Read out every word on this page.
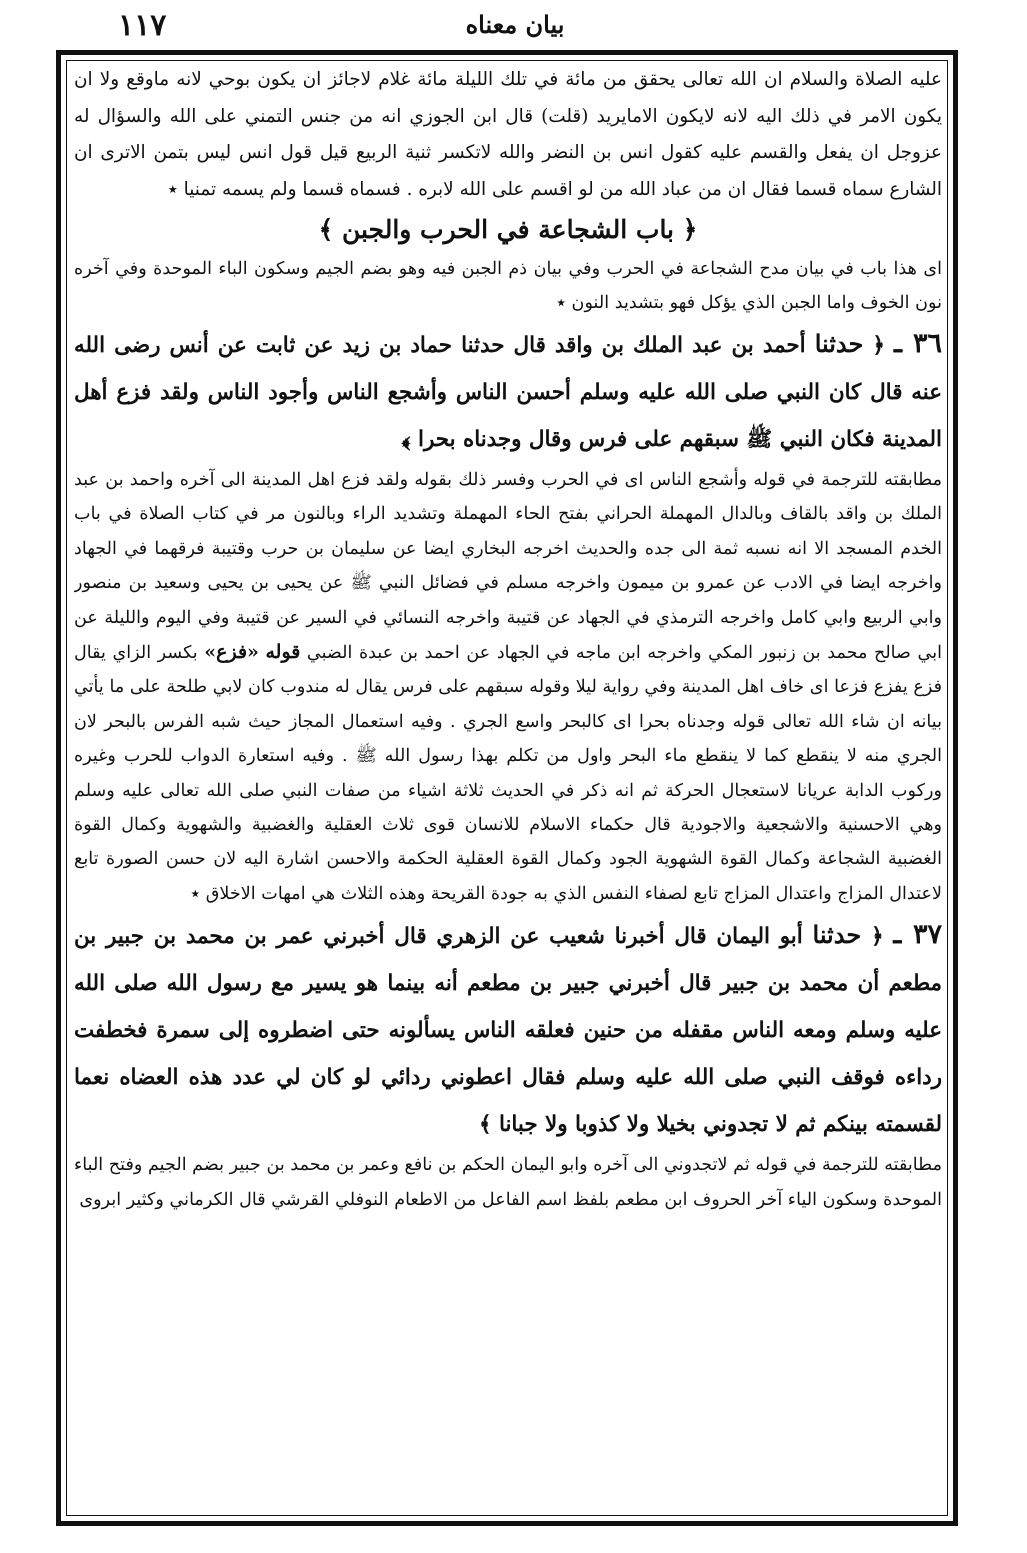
١١٧	بيان معناه

عليه الصلاة والسلام ان الله تعالى يحقق من مائة في تلك الليلة مائة غلام لاجائز ان يكون بوحي لانه ماوقع ولا ان يكون الامر في ذلك اليه لانه لايكون الامايريد (قلت) قال ابن الجوزي انه من جنس التمني على الله والسؤال له عزوجل ان يفعل والقسم عليه كقول انس بن النضر والله لاتكسر ثنية الربيع قيل قول انس ليس بتمن الاترى ان الشارع سماه قسما فقال ان من عباد الله من لو اقسم على الله لابره . فسماه قسما ولم يسمه تمنيا ٭

﴿ باب الشجاعة في الحرب والجبن ﴾

اى هذا باب في بيان مدح الشجاعة في الحرب وفي بيان ذم الجبن فيه وهو بضم الجيم وسكون الباء الموحدة وفي آخره نون الخوف واما الجبن الذي يؤكل فهو بتشديد النون ٭

٣٦ ـ ﴿ حدثنا أحمد بن عبد الملك بن واقد قال حدثنا حماد بن زيد عن ثابت عن أنس رضى الله عنه قال كان النبي صلى الله عليه وسلم أحسن الناس وأشجع الناس وأجود الناس ولقد فزع أهل المدينة فكان النبي ﷺ سبقهم على فرس وقال وجدناه بحرا ﴾

مطابقته للترجمة في قوله وأشجع الناس اى في الحرب وفسر ذلك بقوله ولقد فزع اهل المدينة الى آخره واحمد بن عبد الملك بن واقد بالقاف وبالدال المهملة الحراني بفتح الحاء المهملة وتشديد الراء وبالنون مر في كتاب الصلاة في باب الخدم المسجد الا انه نسبه ثمة الى جده والحديث اخرجه البخاري ايضا عن سليمان بن حرب وقتيبة فرقهما في الجهاد واخرجه ايضا في الادب عن عمرو بن ميمون واخرجه مسلم في فضائل النبي ﷺ عن يحيى بن يحيى وسعيد بن منصور وابي الربيع وابي كامل واخرجه الترمذي في الجهاد عن قتيبة واخرجه النسائي في السير عن قتيبة وفي اليوم والليلة عن ابي صالح محمد بن زنبور المكي واخرجه ابن ماجه في الجهاد عن احمد بن عبدة الضبي قوله «فزع» بكسر الزاي يقال فزع يفزع فزعا اى خاف اهل المدينة وفي رواية ليلا وقوله سبقهم على فرس يقال له مندوب كان لابي طلحة على ما يأتي بيانه ان شاء الله تعالى قوله وجدناه بحرا اى كالبحر واسع الجري . وفيه استعمال المجاز حيث شبه الفرس بالبحر لان الجري منه لا ينقطع كما لا ينقطع ماء البحر واول من تكلم بهذا رسول الله ﷺ . وفيه استعارة الدواب للحرب وغيره وركوب الدابة عريانا لاستعجال الحركة ثم انه ذكر في الحديث ثلاثة اشياء من صفات النبي صلى الله تعالى عليه وسلم وهي الاحسنية والاشجعية والاجودية قال حكماء الاسلام للانسان قوى ثلاث العقلية والغضبية والشهوية وكمال القوة الغضبية الشجاعة وكمال القوة الشهوية الجود وكمال القوة العقلية الحكمة والاحسن اشارة اليه لان حسن الصورة تابع لاعتدال المزاج واعتدال المزاج تابع لصفاء النفس الذي به جودة القريحة وهذه الثلاث هي امهات الاخلاق ٭

٣٧ ـ ﴿ حدثنا أبو اليمان قال أخبرنا شعيب عن الزهري قال أخبرني عمر بن محمد بن جبير بن مطعم أن محمد بن جبير قال أخبرني جبير بن مطعم أنه بينما هو يسير مع رسول الله صلى الله عليه وسلم ومعه الناس مقفله من حنين فعلقه الناس يسألونه حتى اضطروه إلى سمرة فخطفت رداءه فوقف النبي صلى الله عليه وسلم فقال اعطوني ردائي لو كان لي عدد هذه العضاه نعما لقسمته بينكم ثم لا تجدوني بخيلا ولا كذوبا ولا جبانا ﴾

مطابقته للترجمة في قوله ثم لاتجدوني الى آخره وابو اليمان الحكم بن نافع وعمر بن محمد بن جبير بضم الجيم وفتح الباء الموحدة وسكون الياء آخر الحروف ابن مطعم بلفظ اسم الفاعل من الاطعام النوفلي القرشي قال الكرماني وكثير ابروى
